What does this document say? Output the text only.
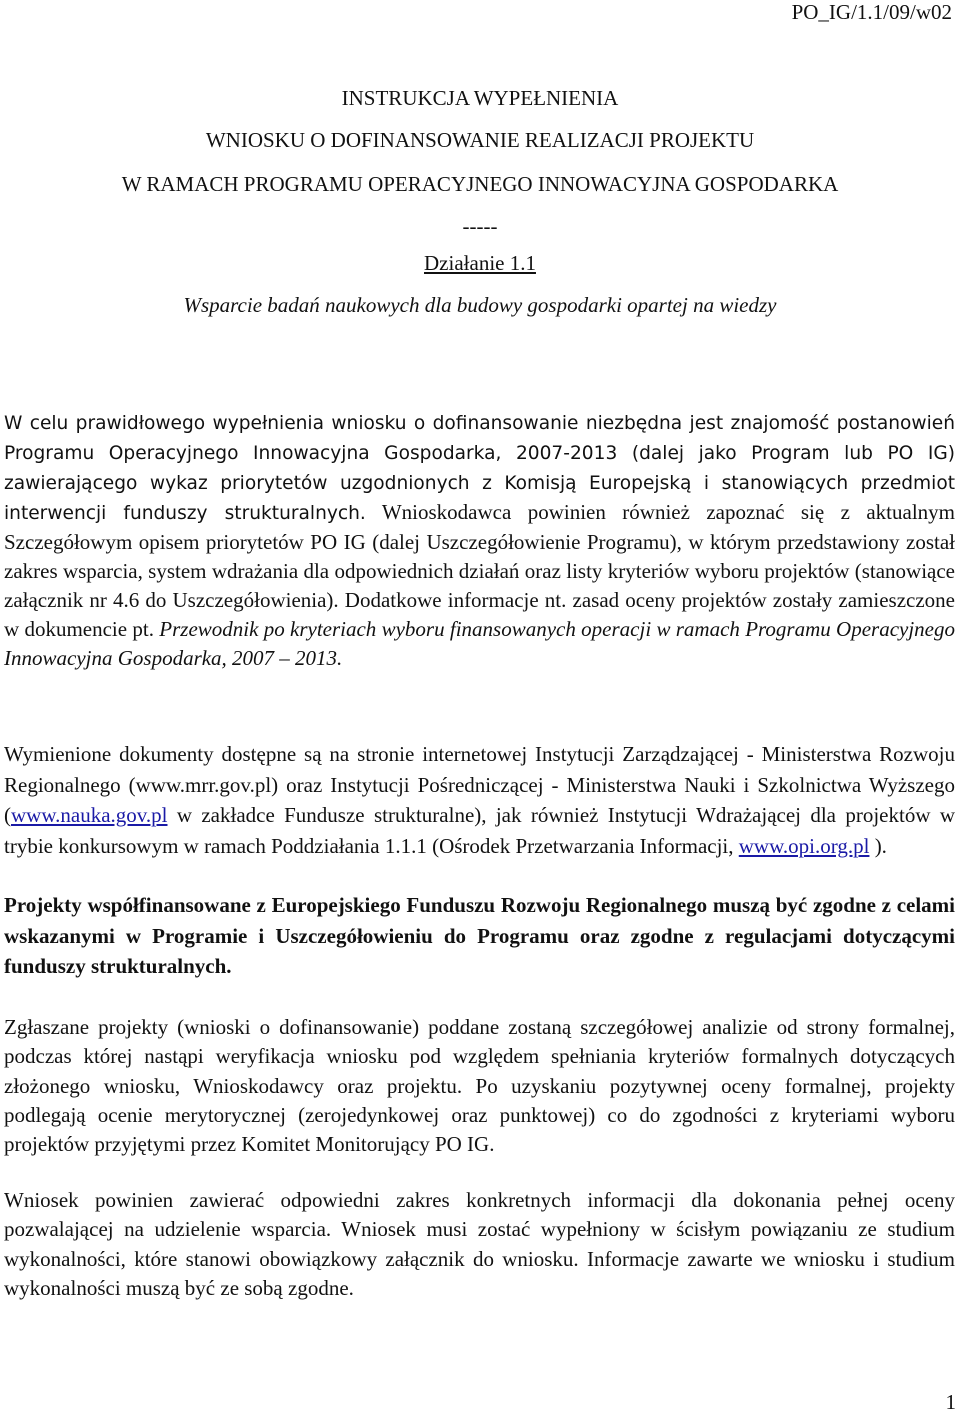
PO_IG/1.1/09/w02
INSTRUKCJA WYPEŁNIENIA
WNIOSKU O DOFINANSOWANIE REALIZACJI PROJEKTU
W RAMACH PROGRAMU OPERACYJNEGO INNOWACYJNA GOSPODARKA
-----
Działanie 1.1
Wsparcie badań naukowych dla budowy gospodarki opartej na wiedzy
W celu prawidłowego wypełnienia wniosku o dofinansowanie niezbędna jest znajomość postanowień Programu Operacyjnego Innowacyjna Gospodarka, 2007-2013 (dalej jako Program lub PO IG) zawierającego wykaz priorytetów uzgodnionych z Komisją Europejską i stanowiących przedmiot interwencji funduszy strukturalnych. Wnioskodawca powinien również zapoznać się z aktualnym Szczegółowym opisem priorytetów PO IG (dalej Uszczegółowienie Programu), w którym przedstawiony został zakres wsparcia, system wdrażania dla odpowiednich działań oraz listy kryteriów wyboru projektów (stanowiące załącznik nr 4.6 do Uszczegółowienia). Dodatkowe informacje nt. zasad oceny projektów zostały zamieszczone w dokumencie pt. Przewodnik po kryteriach wyboru finansowanych operacji w ramach Programu Operacyjnego Innowacyjna Gospodarka, 2007 – 2013.
Wymienione dokumenty dostępne są na stronie internetowej Instytucji Zarządzającej - Ministerstwa Rozwoju Regionalnego (www.mrr.gov.pl) oraz Instytucji Pośredniczącej - Ministerstwa Nauki i Szkolnictwa Wyższego (www.nauka.gov.pl w zakładce Fundusze strukturalne), jak również Instytucji Wdrażającej dla projektów w trybie konkursowym w ramach Poddziałania 1.1.1 (Ośrodek Przetwarzania Informacji, www.opi.org.pl ).
Projekty współfinansowane z Europejskiego Funduszu Rozwoju Regionalnego muszą być zgodne z celami wskazanymi w Programie i Uszczegółowieniu do Programu oraz zgodne z regulacjami dotyczącymi funduszy strukturalnych.
Zgłaszane projekty (wnioski o dofinansowanie) poddane zostaną szczegółowej analizie od strony formalnej, podczas której nastąpi weryfikacja wniosku pod względem spełniania kryteriów formalnych dotyczących złożonego wniosku, Wnioskodawcy oraz projektu. Po uzyskaniu pozytywnej oceny formalnej, projekty podlegają ocenie merytorycznej (zerojedynkowej oraz punktowej) co do zgodności z kryteriami wyboru projektów przyjętymi przez Komitet Monitorujący PO IG.
Wniosek powinien zawierać odpowiedni zakres konkretnych informacji dla dokonania pełnej oceny pozwalającej na udzielenie wsparcia. Wniosek musi zostać wypełniony w ścisłym powiązaniu ze studium wykonalności, które stanowi obowiązkowy załącznik do wniosku. Informacje zawarte we wniosku i studium wykonalności muszą być ze sobą zgodne.
1
